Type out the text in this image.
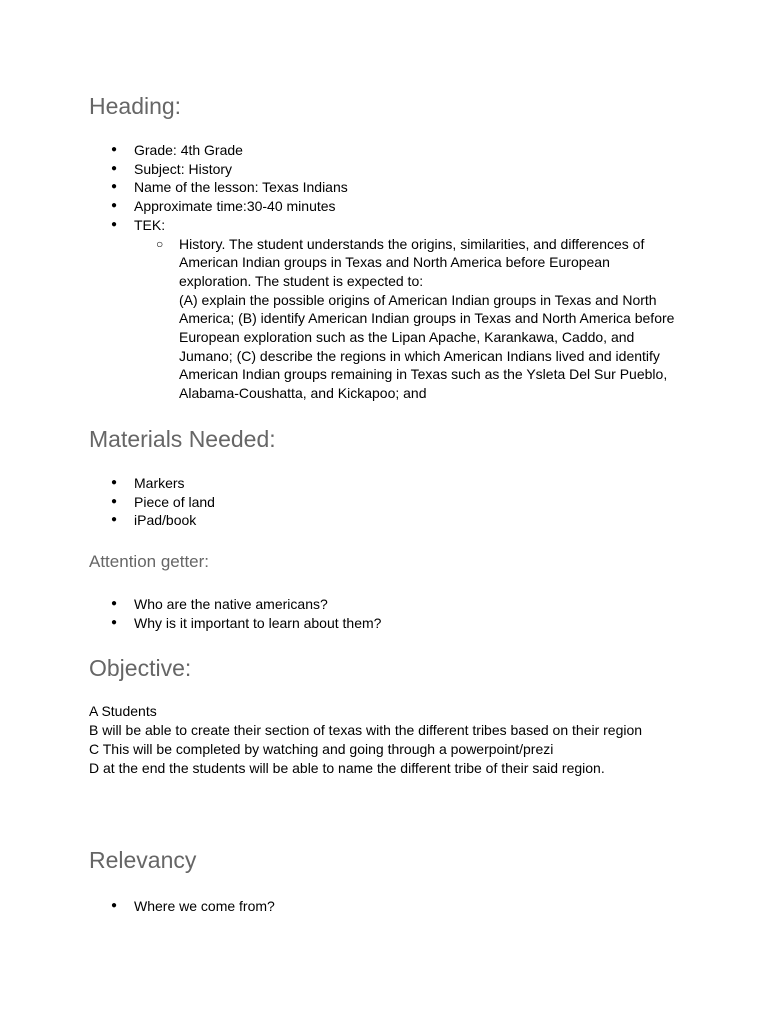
Heading:
● Grade: 4th Grade
● Subject: History
● Name of the lesson: Texas Indians
● Approximate time:30-40 minutes
● TEK:
○ History. The student understands the origins, similarities, and differences of
American Indian groups in Texas and North America before European
exploration. The student is expected to:
(A) explain the possible origins of American Indian groups in Texas and North
America; (B) identify American Indian groups in Texas and North America before
European exploration such as the Lipan Apache, Karankawa, Caddo, and
Jumano; (C) describe the regions in which American Indians lived and identify
American Indian groups remaining in Texas such as the Ysleta Del Sur Pueblo,
Alabama-Coushatta, and Kickapoo; and
Materials Needed:
● Markers
● Piece of land
● iPad/book
Attention getter:
● Who are the native americans?
● Why is it important to learn about them?
Objective:
A Students
B will be able to create their section of texas with the different tribes based on their region
C This will be completed by watching and going through a powerpoint/prezi
D at the end the students will be able to name the different tribe of their said region.
Relevancy
● Where we come from?
